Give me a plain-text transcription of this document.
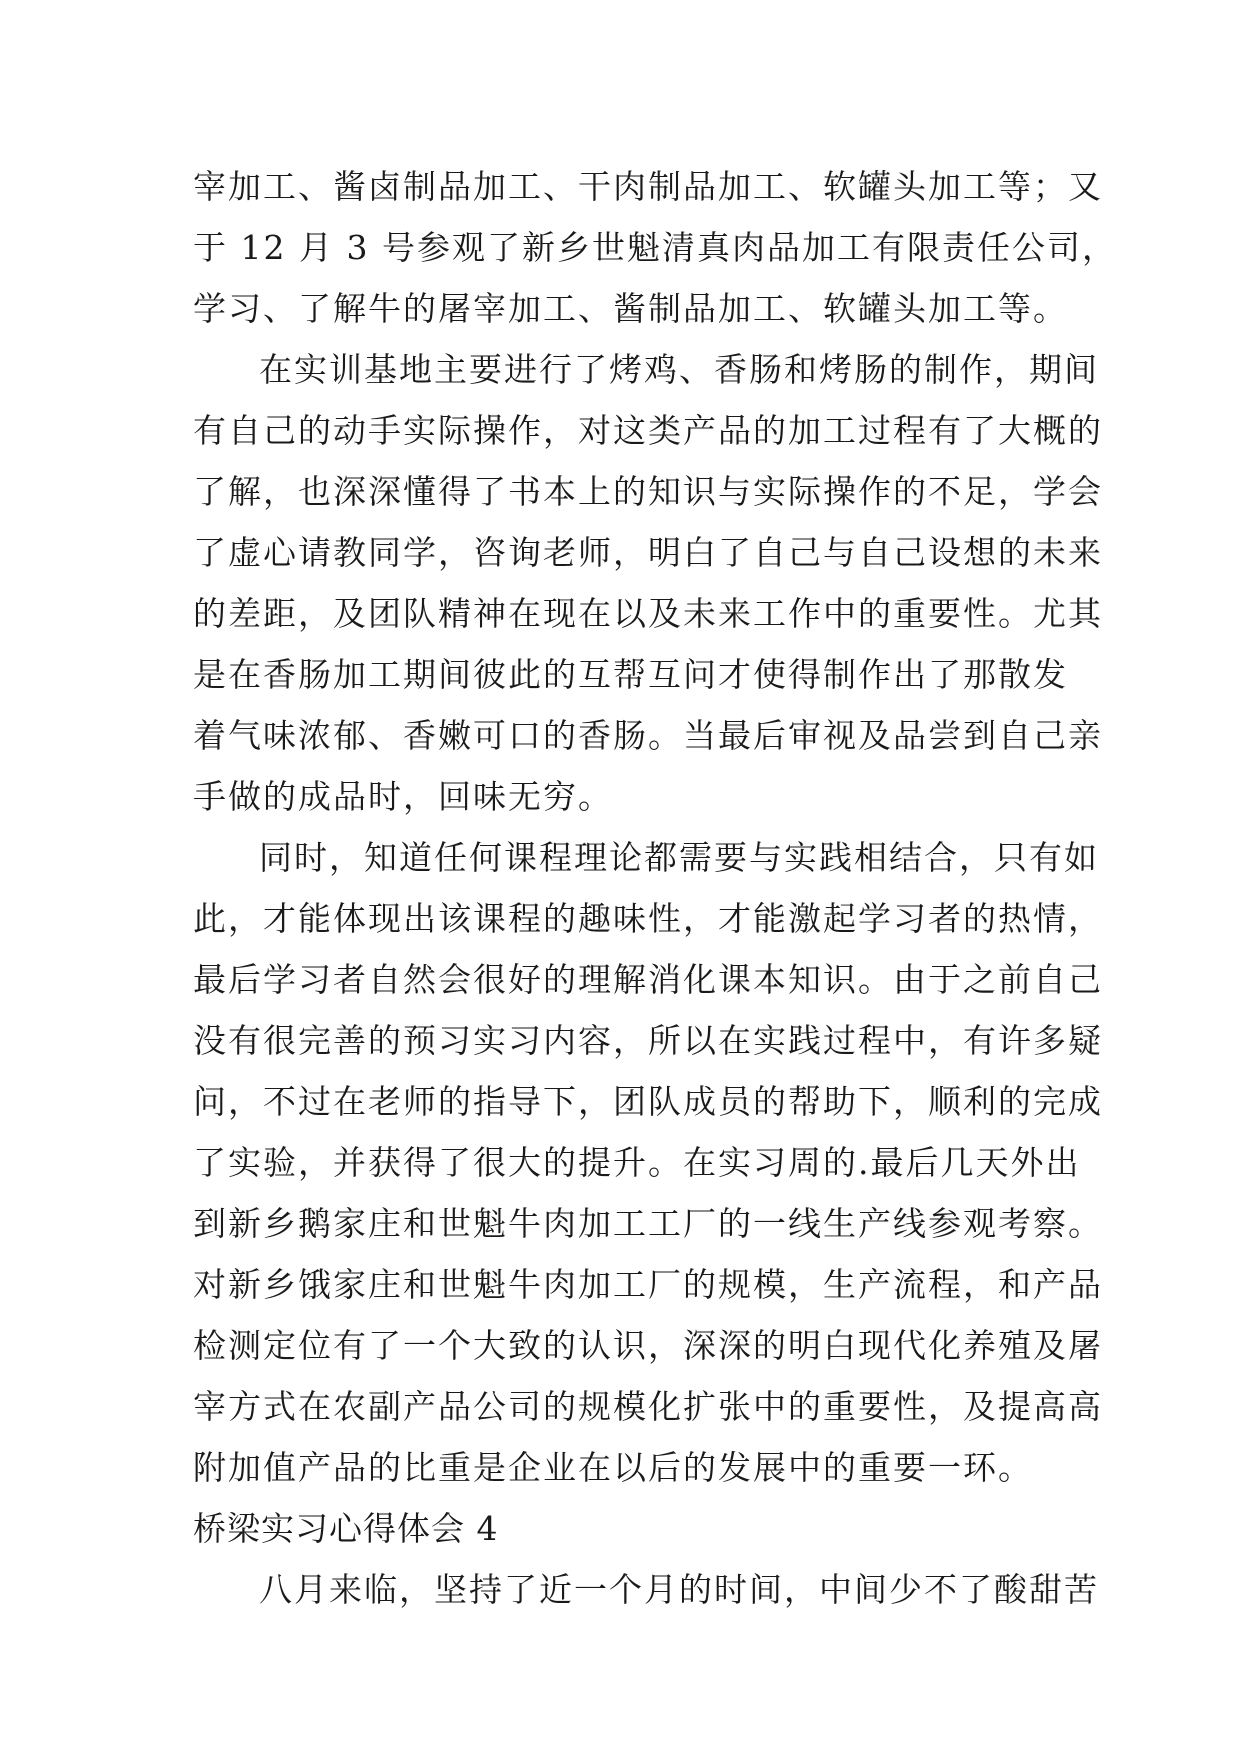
宰加工、酱卤制品加工、干肉制品加工、软罐头加工等；又
于 12 月 3 号参观了新乡世魁清真肉品加工有限责任公司，
学习、了解牛的屠宰加工、酱制品加工、软罐头加工等。
在实训基地主要进行了烤鸡、香肠和烤肠的制作，期间
有自己的动手实际操作，对这类产品的加工过程有了大概的
了解，也深深懂得了书本上的知识与实际操作的不足，学会
了虚心请教同学，咨询老师，明白了自己与自己设想的未来
的差距，及团队精神在现在以及未来工作中的重要性。尤其
是在香肠加工期间彼此的互帮互问才使得制作出了那散发
着气味浓郁、香嫩可口的香肠。当最后审视及品尝到自己亲
手做的成品时，回味无穷。
同时，知道任何课程理论都需要与实践相结合，只有如
此，才能体现出该课程的趣味性，才能激起学习者的热情，
最后学习者自然会很好的理解消化课本知识。由于之前自己
没有很完善的预习实习内容，所以在实践过程中，有许多疑
问，不过在老师的指导下，团队成员的帮助下，顺利的完成
了实验，并获得了很大的提升。在实习周的.最后几天外出
到新乡鹅家庄和世魁牛肉加工工厂的一线生产线参观考察。
对新乡饿家庄和世魁牛肉加工厂的规模，生产流程，和产品
检测定位有了一个大致的认识，深深的明白现代化养殖及屠
宰方式在农副产品公司的规模化扩张中的重要性，及提高高
附加值产品的比重是企业在以后的发展中的重要一环。
桥梁实习心得体会 4
八月来临，坚持了近一个月的时间，中间少不了酸甜苦
